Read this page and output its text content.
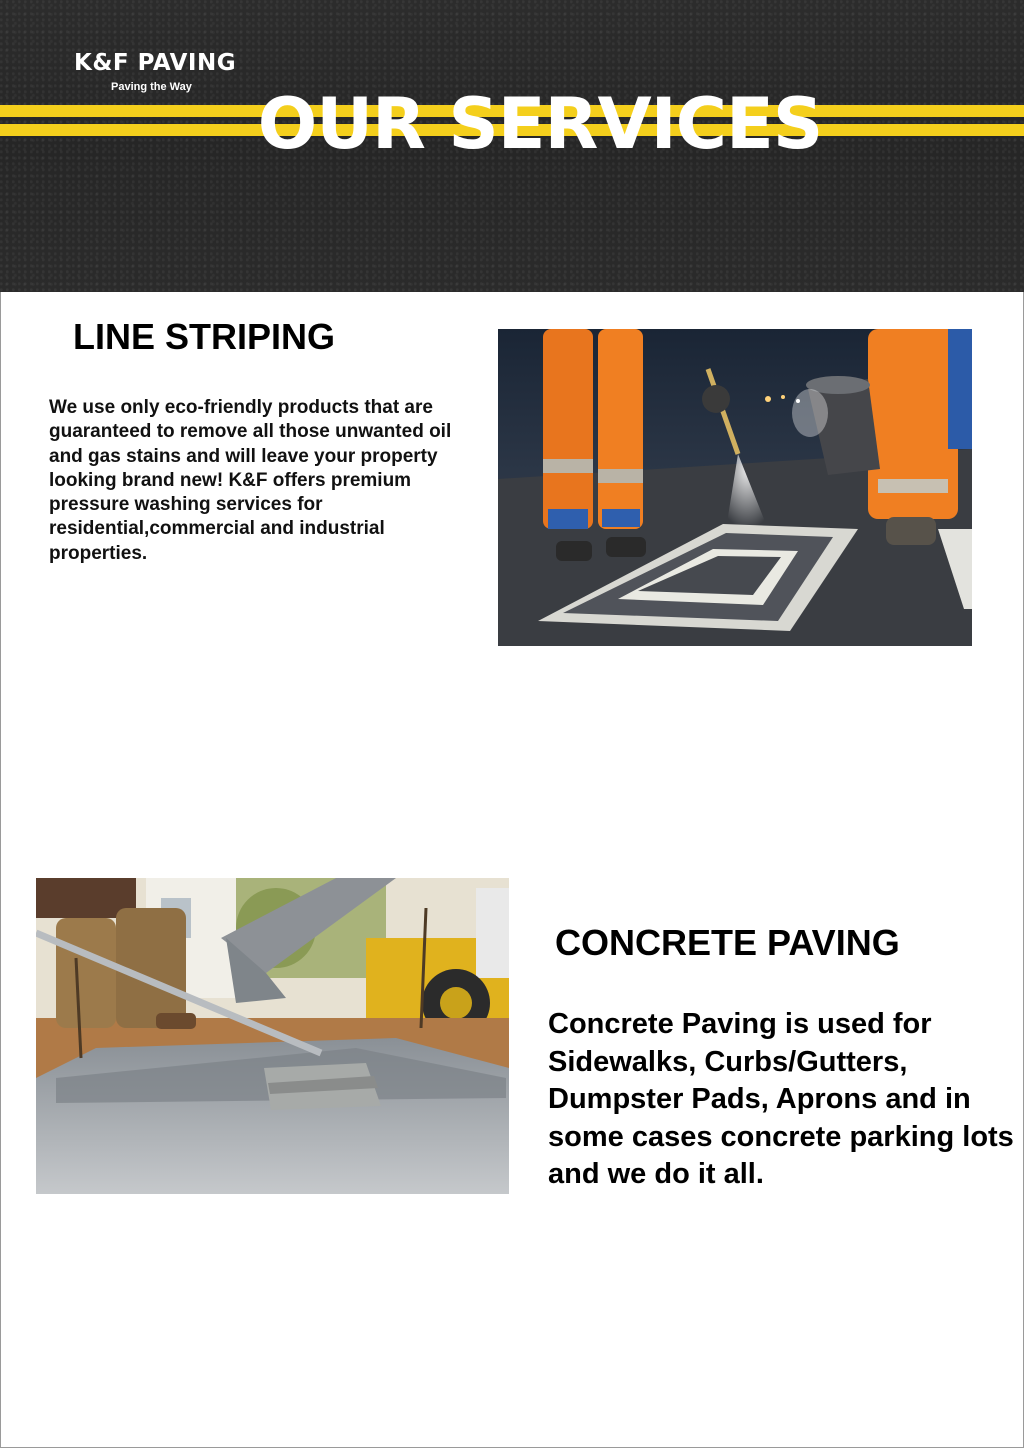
K&F PAVING
Paving the Way OUR SERVICES
LINE STRIPING
We use only eco-friendly products that are guaranteed to remove all those unwanted oil and gas stains and will leave your property looking brand new! K&F offers premium pressure washing services for residential,commercial and industrial properties.
CONCRETE PAVING
Concrete Paving is used for Sidewalks, Curbs/Gutters, Dumpster Pads, Aprons and in some cases concrete parking lots and we do it all.
